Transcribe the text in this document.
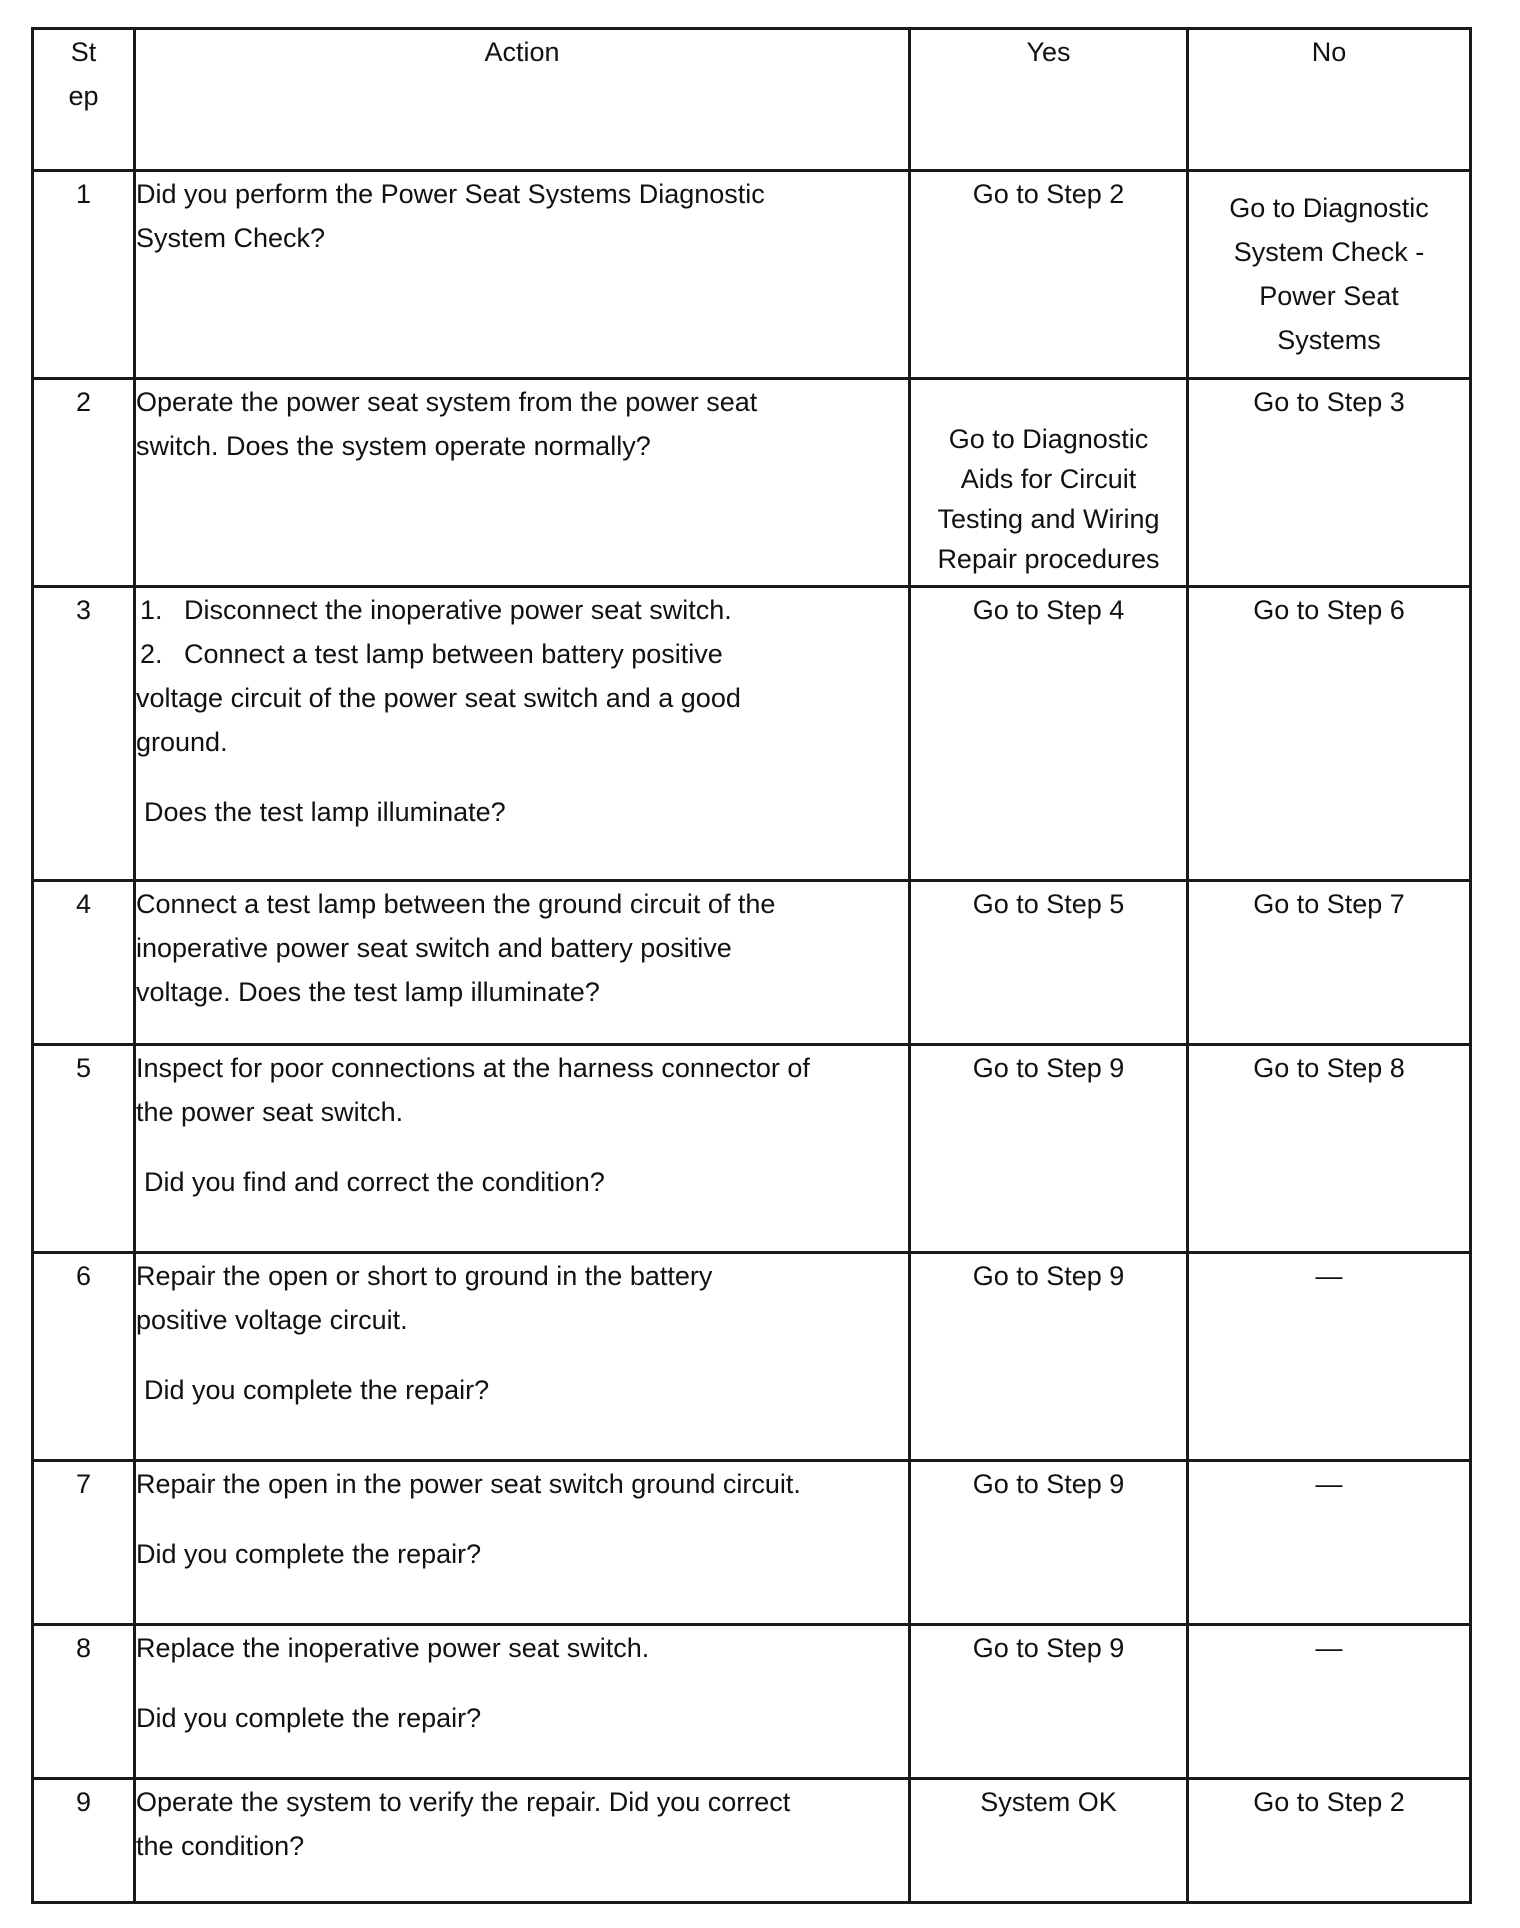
St
ep	Action	Yes	No
1	Did you perform the Power Seat Systems Diagnostic
System Check?	Go to Step 2	Go to Diagnostic
System Check -
Power Seat
Systems

2	Operate the power seat system from the power seat
switch. Does the system operate normally?	Go to Diagnostic
Aids for Circuit
Testing and Wiring
Repair procedures	Go to Step 3
3	1. Disconnect the inoperative power seat switch.
2. Connect a test lamp between battery positive
voltage circuit of the power seat switch and a good
ground.
Does the test lamp illuminate?	Go to Step 4	Go to Step 6
4	Connect a test lamp between the ground circuit of the
inoperative power seat switch and battery positive
voltage. Does the test lamp illuminate?	Go to Step 5	Go to Step 7
5	Inspect for poor connections at the harness connector of
the power seat switch.
Did you find and correct the condition?	Go to Step 9	Go to Step 8
6	Repair the open or short to ground in the battery
positive voltage circuit.
Did you complete the repair?	Go to Step 9	—
7	Repair the open in the power seat switch ground circuit.
Did you complete the repair?	Go to Step 9	—
8	Replace the inoperative power seat switch.
Did you complete the repair?	Go to Step 9	—
9	Operate the system to verify the repair. Did you correct
the condition?	System OK	Go to Step 2
